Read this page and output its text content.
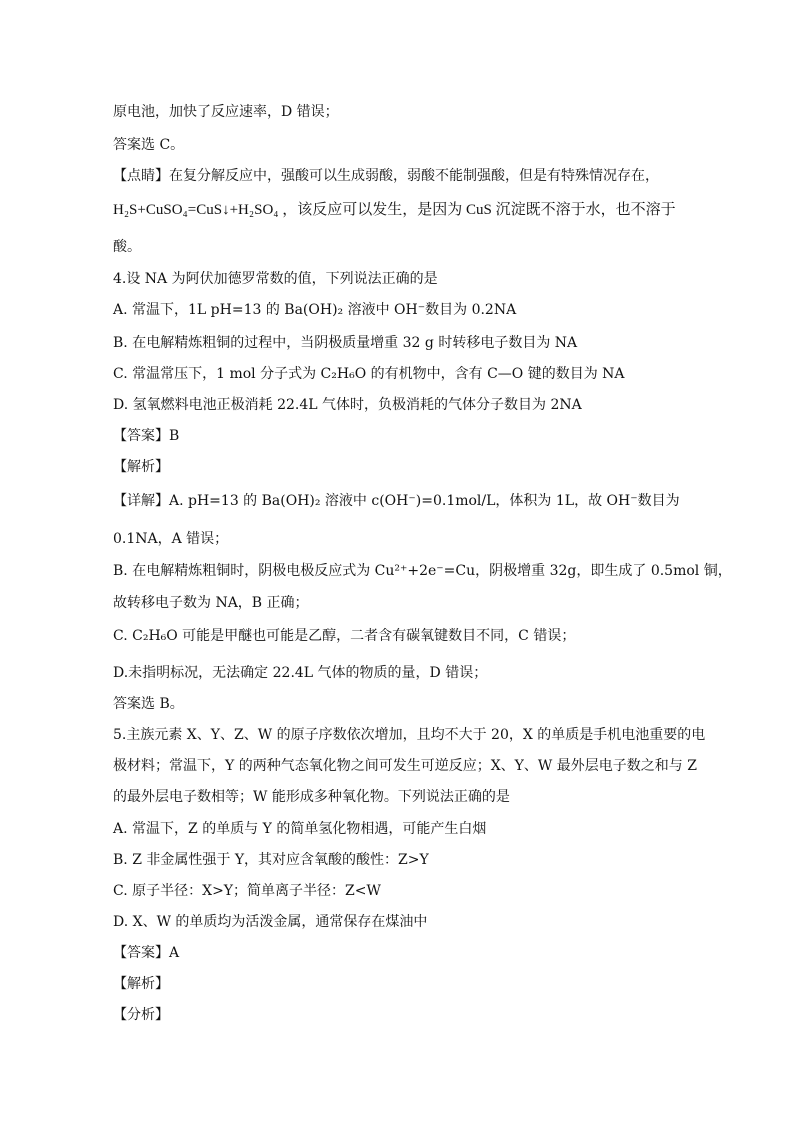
原电池，加快了反应速率，D 错误；
答案选 C。
【点睛】在复分解反应中，强酸可以生成弱酸，弱酸不能制强酸，但是有特殊情况存在，
H₂S+CuSO₄=CuS↓+H₂SO₄ ，该反应可以发生，是因为 CuS 沉淀既不溶于水，也不溶于
酸。
4.设 NA 为阿伏加德罗常数的值，下列说法正确的是
A. 常温下，1L pH=13 的 Ba(OH)₂ 溶液中 OH⁻数目为 0.2NA
B. 在电解精炼粗铜的过程中，当阴极质量增重 32 g 时转移电子数目为 NA
C. 常温常压下，1 mol 分子式为 C₂H₆O 的有机物中，含有 C—O 键的数目为 NA
D. 氢氧燃料电池正极消耗 22.4L 气体时，负极消耗的气体分子数目为 2NA
【答案】B
【解析】
【详解】A. pH=13 的 Ba(OH)₂ 溶液中 c(OH⁻)=0.1mol/L，体积为 1L，故 OH⁻数目为
0.1NA，A 错误；
B. 在电解精炼粗铜时，阴极电极反应式为 Cu²⁺+2e⁻=Cu，阴极增重 32g，即生成了 0.5mol 铜，
故转移电子数为 NA，B 正确；
C. C₂H₆O 可能是甲醚也可能是乙醇，二者含有碳氧键数目不同，C 错误；
D.未指明标况，无法确定 22.4L 气体的物质的量，D 错误；
答案选 B。
5.主族元素 X、Y、Z、W 的原子序数依次增加，且均不大于 20，X 的单质是手机电池重要的电
极材料；常温下，Y 的两种气态氧化物之间可发生可逆反应；X、Y、W 最外层电子数之和与 Z
的最外层电子数相等；W 能形成多种氧化物。下列说法正确的是
A. 常温下，Z 的单质与 Y 的简单氢化物相遇，可能产生白烟
B. Z 非金属性强于 Y，其对应含氧酸的酸性：Z>Y
C. 原子半径：X>Y；简单离子半径：Z<W
D. X、W 的单质均为活泼金属，通常保存在煤油中
【答案】A
【解析】
【分析】
